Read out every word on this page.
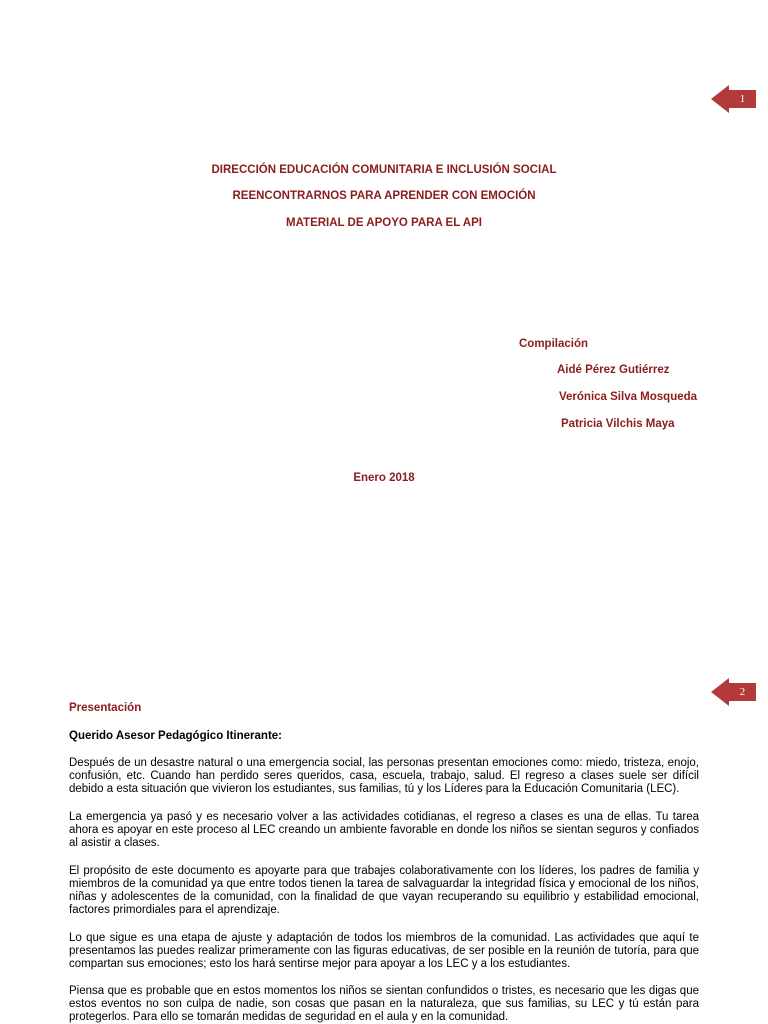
1
DIRECCIÓN EDUCACIÓN COMUNITARIA E INCLUSIÓN SOCIAL
REENCONTRARNOS PARA APRENDER CON EMOCIÓN
MATERIAL DE APOYO PARA EL API
Compilación
Aidé Pérez Gutiérrez
Verónica Silva Mosqueda
Patricia Vilchis Maya
Enero 2018
2
Presentación
Querido Asesor Pedagógico Itinerante:

Después de un desastre natural o una emergencia social, las personas presentan emociones como: miedo, tristeza, enojo, confusión, etc. Cuando han perdido seres queridos, casa, escuela, trabajo, salud. El regreso a clases suele ser difícil debido a esta situación que vivieron los estudiantes, sus familias, tú y los Líderes para la Educación Comunitaria (LEC).

La emergencia ya pasó y es necesario volver a las actividades cotidianas, el regreso a clases es una de ellas. Tu tarea ahora es apoyar en este proceso al LEC creando un ambiente favorable en donde los niños se sientan seguros y confiados al asistir a clases.

El propósito de este documento es apoyarte para que trabajes colaborativamente con los líderes, los padres de familia y miembros de la comunidad ya que entre todos tienen la tarea de salvaguardar la integridad física y emocional de los niños, niñas y adolescentes de la comunidad, con la finalidad de que vayan recuperando su equilibrio y estabilidad emocional, factores primordiales para el aprendizaje.

Lo que sigue es una etapa de ajuste y adaptación de todos los miembros de la comunidad. Las actividades que aquí te presentamos las puedes realizar primeramente con las figuras educativas, de ser posible en la reunión de tutoría, para que compartan sus emociones; esto los hará sentirse mejor para apoyar a los LEC y a los estudiantes.

Piensa que es probable que en estos momentos los niños se sientan confundidos o tristes, es necesario que les digas que estos eventos no son culpa de nadie, son cosas que pasan en la naturaleza, que sus familias, su LEC y tú están para protegerlos. Para ello se tomarán medidas de seguridad en el aula y en la comunidad.
